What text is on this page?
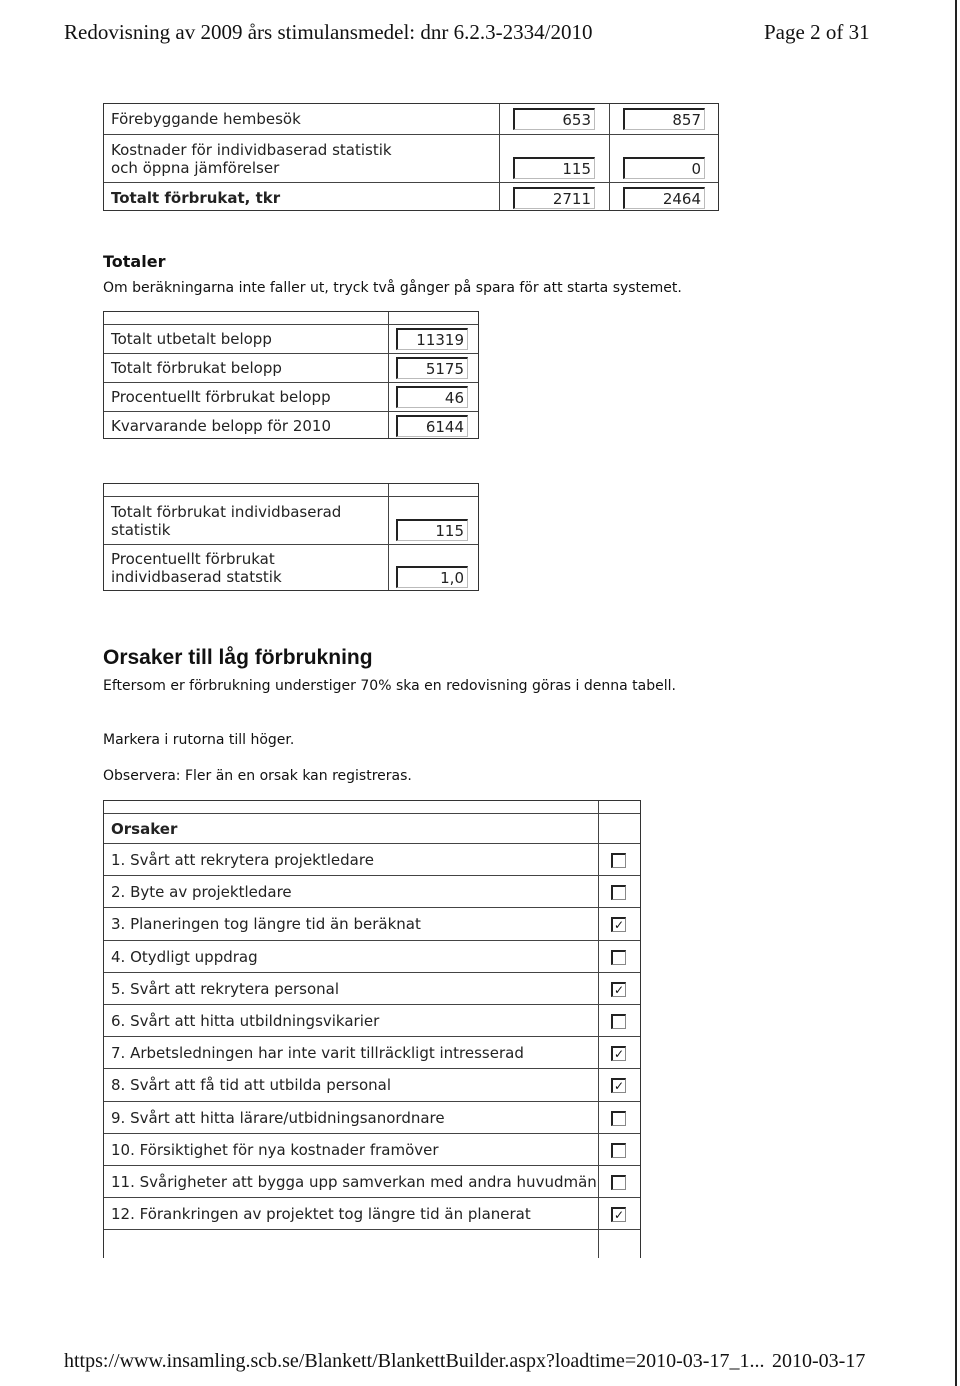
Redovisning av 2009 års stimulansmedel: dnr 6.2.3-2334/2010	Page 2 of 31
Förebyggande hembesök	653	857
Kostnader för individbaserad statistik och öppna jämförelser	115	0
Totalt förbrukat, tkr	2711	2464
Totaler
Om beräkningarna inte faller ut, tryck två gånger på spara för att starta systemet.
Totalt utbetalt belopp	11319
Totalt förbrukat belopp	5175
Procentuellt förbrukat belopp	46
Kvarvarande belopp för 2010	6144
Totalt förbrukat individbaserad statistik	115
Procentuellt förbrukat individbaserad statstik	1,0
Orsaker till låg förbrukning
Eftersom er förbrukning understiger 70% ska en redovisning göras i denna tabell.
Markera i rutorna till höger.
Observera: Fler än en orsak kan registreras.
Orsaker
1. Svårt att rekrytera projektledare
2. Byte av projektledare
3. Planeringen tog längre tid än beräknat	✓
4. Otydligt uppdrag
5. Svårt att rekrytera personal	✓
6. Svårt att hitta utbildningsvikarier
7. Arbetsledningen har inte varit tillräckligt intresserad	✓
8. Svårt att få tid att utbilda personal	✓
9. Svårt att hitta lärare/utbidningsanordnare
10. Försiktighet för nya kostnader framöver
11. Svårigheter att bygga upp samverkan med andra huvudmän
12. Förankringen av projektet tog längre tid än planerat	✓
https://www.insamling.scb.se/Blankett/BlankettBuilder.aspx?loadtime=2010-03-17_1... 2010-03-17
